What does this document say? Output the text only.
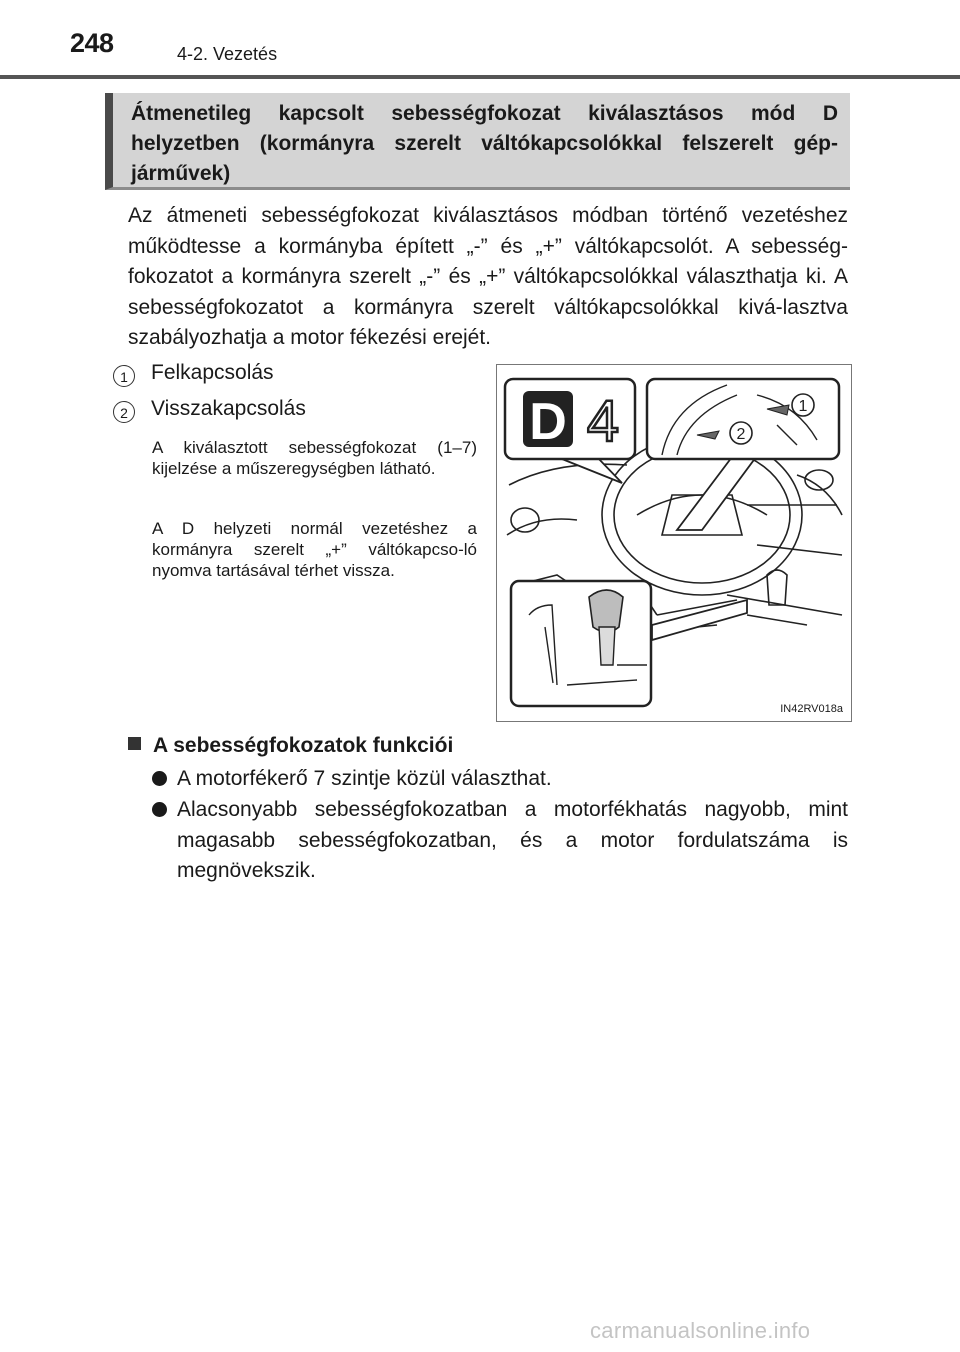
248	4-2. Vezetés
Átmenetileg kapcsolt sebességfokozat kiválasztásos mód D helyzetben (kormányra szerelt váltókapcsolókkal felszerelt gép-járművek)
Az átmeneti sebességfokozat kiválasztásos módban történő vezetéshez működtesse a kormányba épített „-” és „+” váltókapcsolót. A sebesség-fokozatot a kormányra szerelt „-” és „+” váltókapcsolókkal választhatja ki. A sebességfokozatot a kormányra szerelt váltókapcsolókkal kivá-lasztva szabályozhatja a motor fékezési erejét.
1 Felkapcsolás
2 Visszakapcsolás
A kiválasztott sebességfokozat (1–7) kijelzése a műszeregységben látható.
A D helyzeti normál vezetéshez a kormányra szerelt „+” váltókapcso-ló nyomva tartásával térhet vissza.
D 4	1
2
IN42RV018a
A sebességfokozatok funkciói
A motorfékerő 7 szintje közül választhat.
Alacsonyabb sebességfokozatban a motorfékhatás nagyobb, mint magasabb sebességfokozatban, és a motor fordulatszáma is megnövekszik.
carmanualsonline.info
